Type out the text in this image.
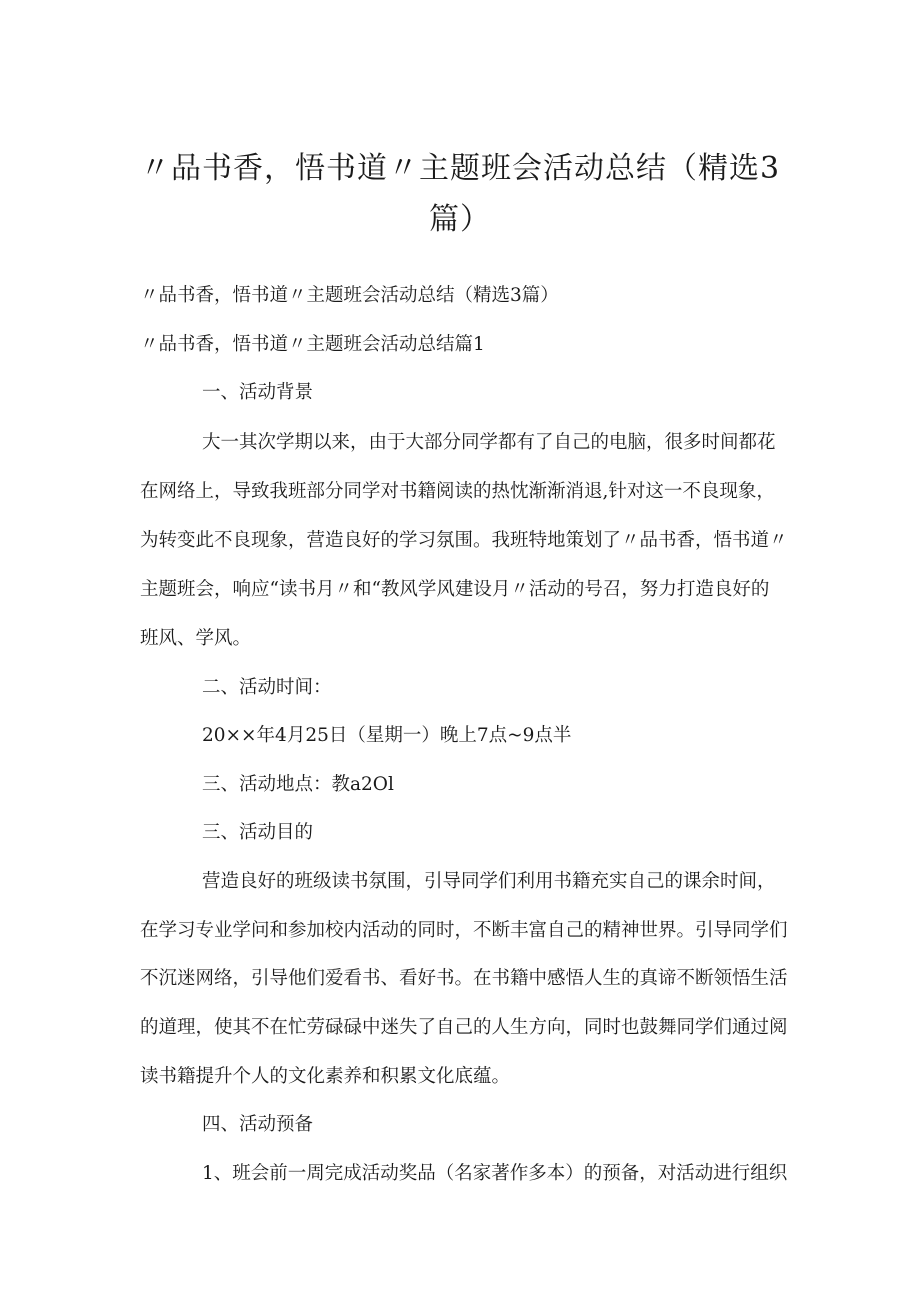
〃品书香，悟书道〃主题班会活动总结（精选3
篇）
〃品书香，悟书道〃主题班会活动总结（精选3篇）
〃品书香，悟书道〃主题班会活动总结篇1
一、活动背景
大一其次学期以来，由于大部分同学都有了自己的电脑，很多时间都花
在网络上，导致我班部分同学对书籍阅读的热忱渐渐消退,针对这一不良现象，
为转变此不良现象，营造良好的学习氛围。我班特地策划了〃品书香，悟书道〃
主题班会，响应“读书月〃和“教风学风建设月〃活动的号召，努力打造良好的
班风、学风。
二、活动时间：
20××年4月25日（星期一）晚上7点~9点半
三、活动地点：教a2Ol
三、活动目的
营造良好的班级读书氛围，引导同学们利用书籍充实自己的课余时间，
在学习专业学问和参加校内活动的同时，不断丰富自己的精神世界。引导同学们
不沉迷网络，引导他们爱看书、看好书。在书籍中感悟人生的真谛不断领悟生活
的道理，使其不在忙劳碌碌中迷失了自己的人生方向，同时也鼓舞同学们通过阅
读书籍提升个人的文化素养和积累文化底蕴。
四、活动预备
1、班会前一周完成活动奖品（名家著作多本）的预备，对活动进行组织
